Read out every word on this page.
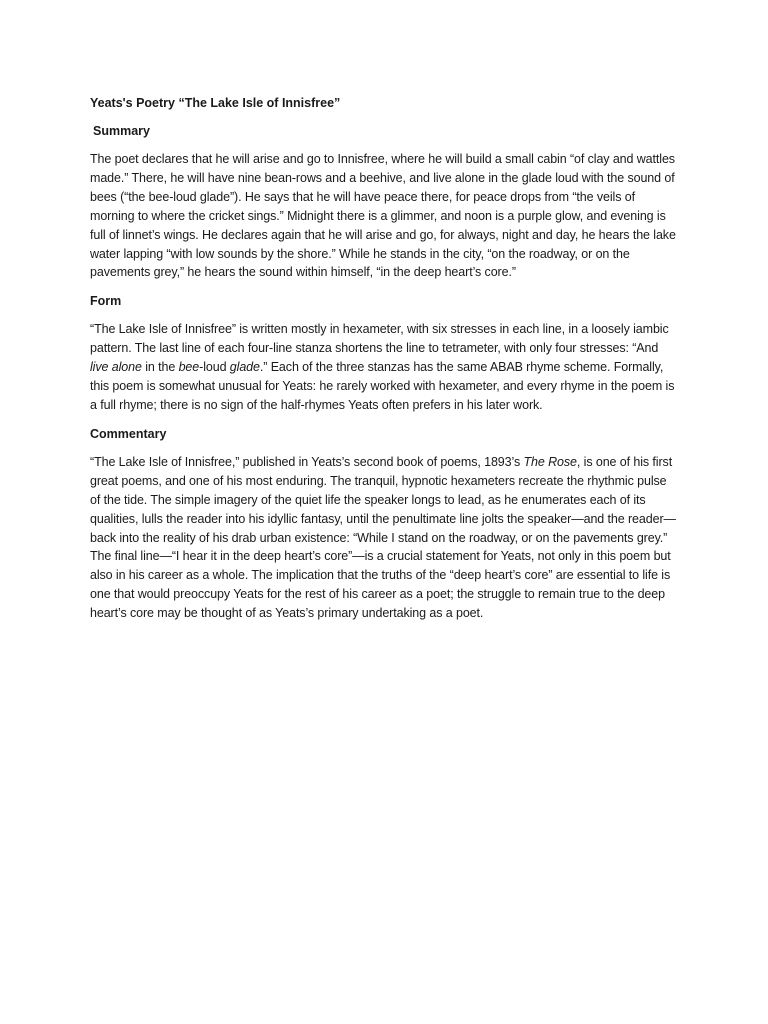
Yeats's Poetry “The Lake Isle of Innisfree”
Summary

The poet declares that he will arise and go to Innisfree, where he will build a small cabin “of clay and wattles made.” There, he will have nine bean-rows and a beehive, and live alone in the glade loud with the sound of bees (“the bee-loud glade”). He says that he will have peace there, for peace drops from “the veils of morning to where the cricket sings.” Midnight there is a glimmer, and noon is a purple glow, and evening is full of linnet’s wings. He declares again that he will arise and go, for always, night and day, he hears the lake water lapping “with low sounds by the shore.” While he stands in the city, “on the roadway, or on the pavements grey,” he hears the sound within himself, “in the deep heart’s core.”

Form

“The Lake Isle of Innisfree” is written mostly in hexameter, with six stresses in each line, in a loosely iambic pattern. The last line of each four-line stanza shortens the line to tetrameter, with only four stresses: “And live alone in the bee-loud glade.” Each of the three stanzas has the same ABAB rhyme scheme. Formally, this poem is somewhat unusual for Yeats: he rarely worked with hexameter, and every rhyme in the poem is a full rhyme; there is no sign of the half-rhymes Yeats often prefers in his later work.

Commentary

“The Lake Isle of Innisfree,” published in Yeats’s second book of poems, 1893’s The Rose, is one of his first great poems, and one of his most enduring. The tranquil, hypnotic hexameters recreate the rhythmic pulse of the tide. The simple imagery of the quiet life the speaker longs to lead, as he enumerates each of its qualities, lulls the reader into his idyllic fantasy, until the penultimate line jolts the speaker—and the reader—back into the reality of his drab urban existence: “While I stand on the roadway, or on the pavements grey.” The final line—“I hear it in the deep heart’s core”—is a crucial statement for Yeats, not only in this poem but also in his career as a whole. The implication that the truths of the “deep heart’s core” are essential to life is one that would preoccupy Yeats for the rest of his career as a poet; the struggle to remain true to the deep heart’s core may be thought of as Yeats’s primary undertaking as a poet.
